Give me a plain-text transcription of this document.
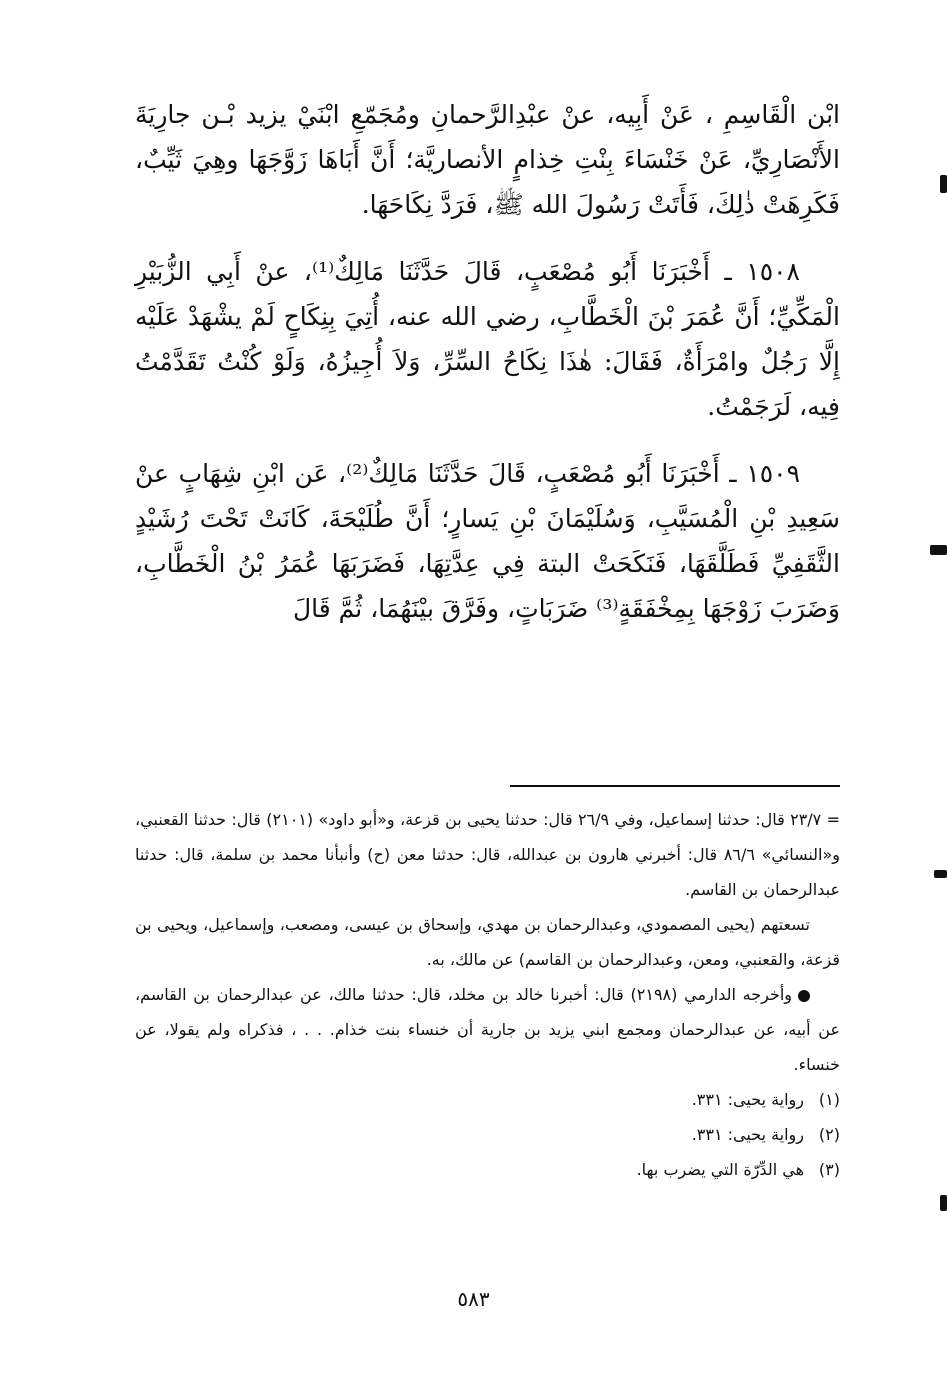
ابْن الْقَاسِمِ ، عَنْ أَبِيه، عنْ عبْدِالرَّحمانِ ومُجَمّعِ ابْنَيْ يزيد بْـن جارِيَةَ الأَنْصَارِيِّ، عَنْ خَنْسَاءَ بِنْتِ خِذامٍ الأنصاريَّة؛ أَنَّ أَبَاهَا زَوَّجَهَا وهِيَ ثَيِّبٌ، فَكَرِهَتْ ذٰلِكَ، فَأَتَتْ رَسُولَ الله ﷺ، فَرَدَّ نِكَاحَهَا.

١٥٠٨ ـ أَخْبَرَنَا أَبُو مُصْعَبٍ، قَالَ حَدَّثَنَا مَالِكٌ⁽¹⁾، عنْ أَبِي الزُّبَيْرِ الْمَكِّيِّ؛ أَنَّ عُمَرَ بْنَ الْخَطَّابِ، رضي الله عنه، أُتِيَ بِنِكَاحٍ لَمْ يشْهَدْ عَلَيْه إِلَّا رَجُلٌ وامْرَأَةٌ، فَقَالَ: هٰذَا نِكَاحُ السِّرِّ، وَلاَ أُجِيزُهُ، وَلَوْ كُنْتُ تَقَدَّمْتُ فِيه، لَرَجَمْتُ.

١٥٠٩ ـ أَخْبَرَنَا أَبُو مُصْعَبٍ، قَالَ حَدَّثَنَا مَالِكٌ⁽²⁾، عَن ابْنِ شِهَابٍ عنْ سَعِيدِ بْنِ الْمُسَيَّبِ، وَسُلَيْمَانَ بْنِ يَسارٍ؛ أَنَّ طُلَيْحَةَ، كَانَتْ تَحْتَ رُشَيْدٍ الثَّقَفِيِّ فَطَلَّقَهَا، فَنَكَحَتْ البتة فِي عِدَّتِهَا، فَضَرَبَهَا عُمَرُ بْنُ الْخَطَّابِ، وَضَرَبَ زَوْجَهَا بِمِخْفَقَةٍ⁽³⁾ ضَرَبَاتٍ، وفَرَّقَ بيْنَهُمَا، ثُمَّ قَالَ

= ٢٣/٧ قال: حدثنا إسماعيل، وفي ٢٦/٩ قال: حدثنا يحيى بن قزعة، و«أبو داود» (٢١٠١) قال: حدثنا القعنبي، و«النسائي» ٨٦/٦ قال: أخبرني هارون بن عبدالله، قال: حدثنا معن (ح) وأنبأنا محمد بن سلمة، قال: حدثنا عبدالرحمان بن القاسم.

تسعتهم (يحيى المصمودي، وعبدالرحمان بن مهدي، وإسحاق بن عيسى، ومصعب، وإسماعيل، ويحيى بن قزعة، والقعنبي، ومعن، وعبدالرحمان بن القاسم) عن مالك، به.

وأخرجه الدارمي (٢١٩٨) قال: أخبرنا خالد بن مخلد، قال: حدثنا مالك، عن عبدالرحمان بن القاسم، عن أبيه، عن عبدالرحمان ومجمع ابني يزيد بن جارية أن خنساء بنت خذام. . . ، فذكراه ولم يقولا، عن خنساء.

(١)رواية يحيى: ٣٣١.

(٢)رواية يحيى: ٣٣١.

(٣)هي الدِّرّة التي يضرب بها.

٥٨٣
